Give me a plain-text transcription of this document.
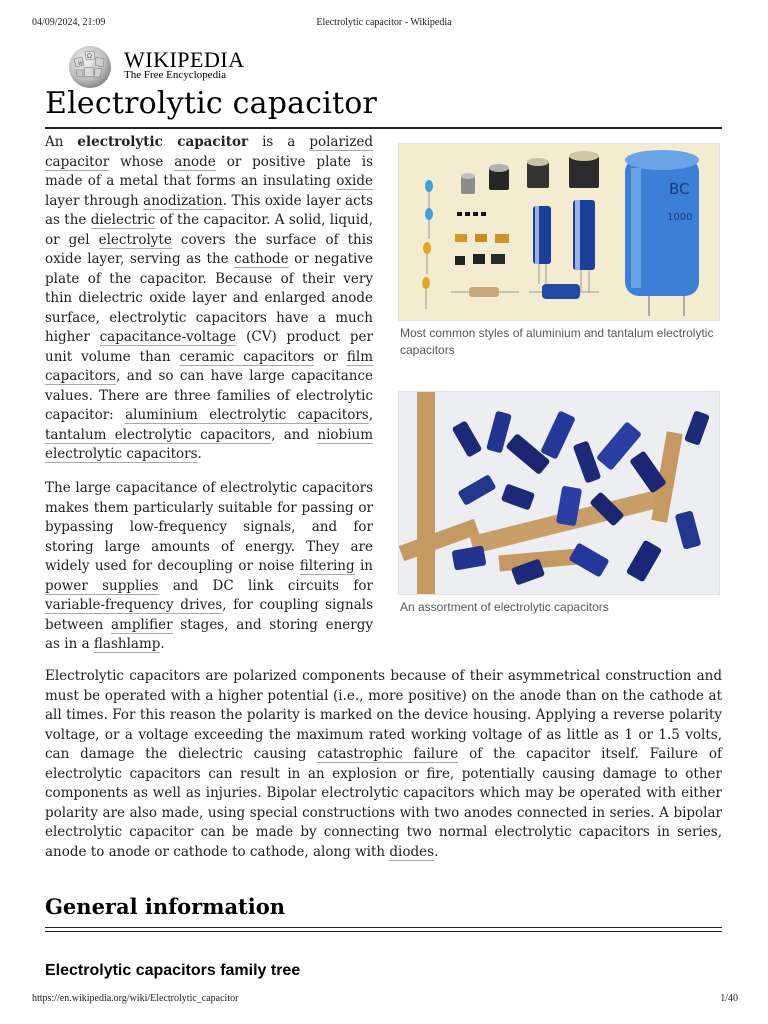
04/09/2024, 21:09	Electrolytic capacitor - Wikipedia
Ω
W WIKIPEDIA
The Free Encyclopedia
Electrolytic capacitor

An electrolytic capacitor is a polarized capacitor whose anode or positive plate is made of a metal that forms an insulating oxide layer through anodization. This oxide layer acts as the dielectric of the capacitor. A solid, liquid, or gel electrolyte covers the surface of this oxide layer, serving as the cathode or negative plate of the capacitor. Because of their very thin dielectric oxide layer and enlarged anode surface, electrolytic capacitors have a much higher capacitance-voltage (CV) product per unit volume than ceramic capacitors or film capacitors, and so can have large capacitance values. There are three families of electrolytic capacitor: aluminium electrolytic capacitors, tantalum electrolytic capacitors, and niobium electrolytic capacitors.

The large capacitance of electrolytic capacitors makes them particularly suitable for passing or bypassing low-frequency signals, and for storing large amounts of energy. They are widely used for decoupling or noise filtering in power supplies and DC link circuits for variable-frequency drives, for coupling signals between amplifier stages, and storing energy as in a flashlamp.

BC
1000
Most common styles of aluminium and tantalum electrolytic capacitors
An assortment of electrolytic capacitors

Electrolytic capacitors are polarized components because of their asymmetrical construction and must be operated with a higher potential (i.e., more positive) on the anode than on the cathode at all times. For this reason the polarity is marked on the device housing. Applying a reverse polarity voltage, or a voltage exceeding the maximum rated working voltage of as little as 1 or 1.5 volts, can damage the dielectric causing catastrophic failure of the capacitor itself. Failure of electrolytic capacitors can result in an explosion or fire, potentially causing damage to other components as well as injuries. Bipolar electrolytic capacitors which may be operated with either polarity are also made, using special constructions with two anodes connected in series. A bipolar electrolytic capacitor can be made by connecting two normal electrolytic capacitors in series, anode to anode or cathode to cathode, along with diodes.

General information
Electrolytic capacitors family tree
https://en.wikipedia.org/wiki/Electrolytic_capacitor	1/40
